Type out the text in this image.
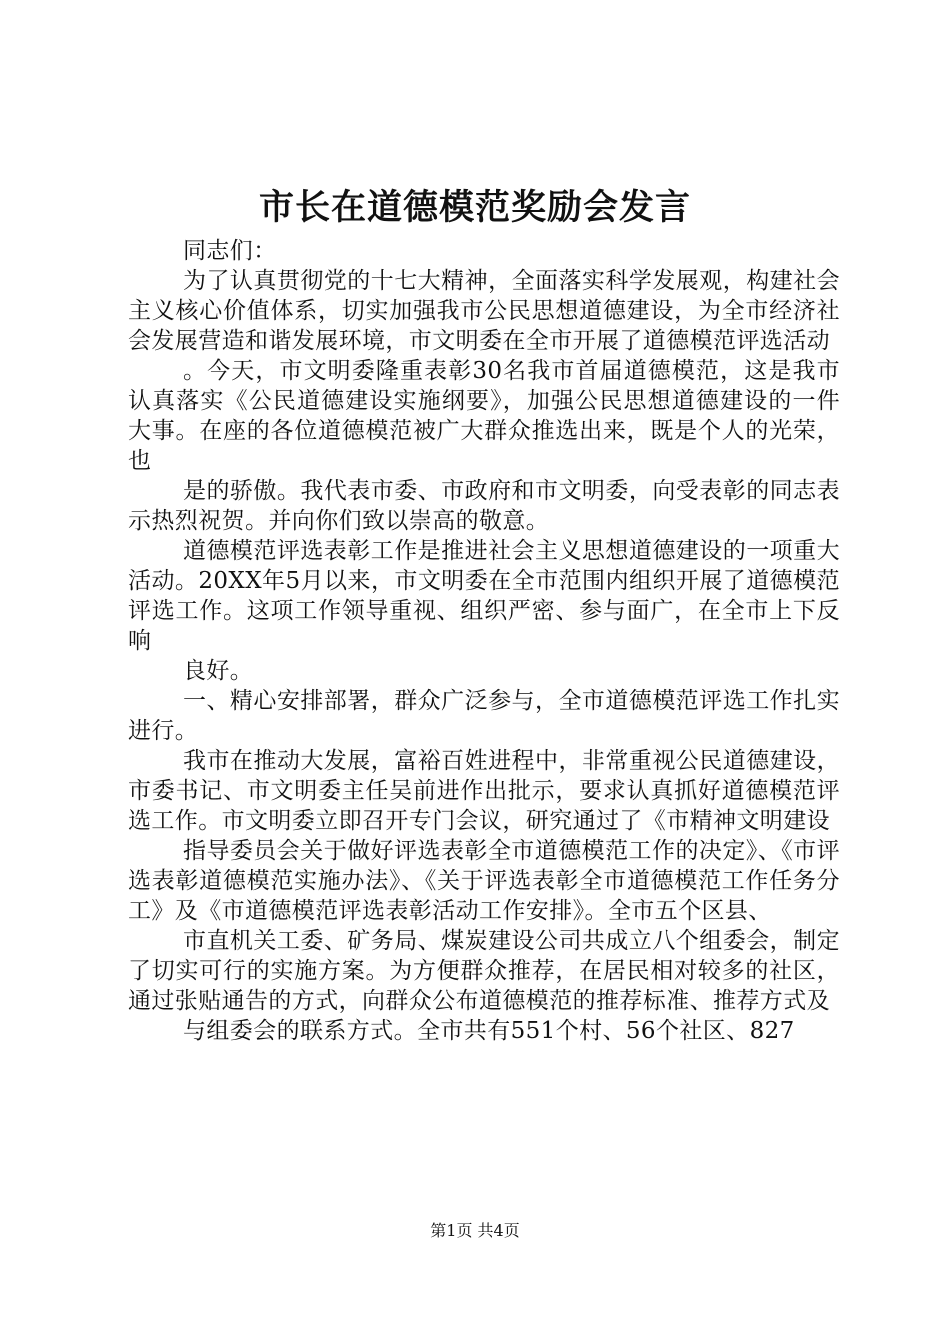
市长在道德模范奖励会发言

同志们：

为了认真贯彻党的十七大精神，全面落实科学发展观，构建社会主义核心价值体系，切实加强我市公民思想道德建设，为全市经济社会发展营造和谐发展环境，市文明委在全市开展了道德模范评选活动

。今天，市文明委隆重表彰30名我市首届道德模范，这是我市认真落实《公民道德建设实施纲要》，加强公民思想道德建设的一件大事。在座的各位道德模范被广大群众推选出来，既是个人的光荣，也

是的骄傲。我代表市委、市政府和市文明委，向受表彰的同志表示热烈祝贺。并向你们致以崇高的敬意。

道德模范评选表彰工作是推进社会主义思想道德建设的一项重大活动。20XX年5月以来，市文明委在全市范围内组织开展了道德模范评选工作。这项工作领导重视、组织严密、参与面广，在全市上下反响

良好。

一、精心安排部署，群众广泛参与，全市道德模范评选工作扎实进行。

我市在推动大发展，富裕百姓进程中，非常重视公民道德建设，市委书记、市文明委主任吴前进作出批示，要求认真抓好道德模范评选工作。市文明委立即召开专门会议，研究通过了《市精神文明建设

指导委员会关于做好评选表彰全市道德模范工作的决定》、《市评选表彰道德模范实施办法》、《关于评选表彰全市道德模范工作任务分工》及《市道德模范评选表彰活动工作安排》。全市五个区县、

市直机关工委、矿务局、煤炭建设公司共成立八个组委会，制定了切实可行的实施方案。为方便群众推荐，在居民相对较多的社区，通过张贴通告的方式，向群众公布道德模范的推荐标准、推荐方式及

与组委会的联系方式。全市共有551个村、56个社区、827

第1页 共4页
